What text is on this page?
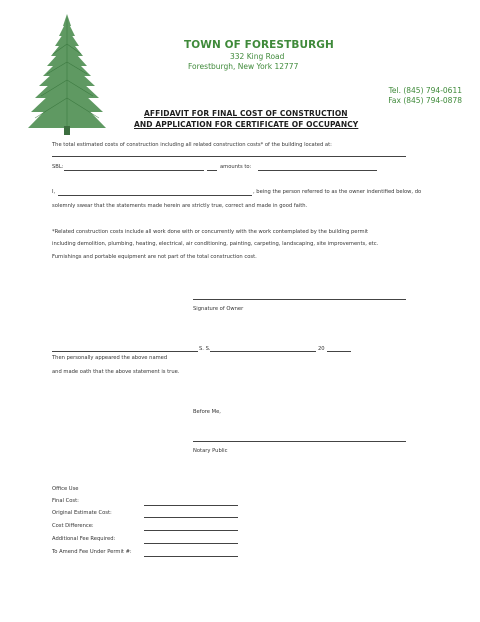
TOWN OF FORESTBURGH
332 King Road
Forestburgh, New York 12777
Tel. (845) 794-0611
Fax (845) 794-0878
AFFIDAVIT FOR FINAL COST OF CONSTRUCTION
AND APPLICATION FOR CERTIFICATE OF OCCUPANCY
The total estimated costs of construction including all related construction costs* of the building located at:
SBL:	amounts to:
I,	, being the person referred to as the owner indentified below, do
solemnly swear that the statements made herein are strictly true, correct and made in good faith.
*Related construction costs include all work done with or concurrently with the work contemplated by the building permit
including demolition, plumbing, heating, electrical, air conditioning, painting, carpeting, landscaping, site improvements, etc.
Furnishings and portable equipment are not part of the total construction cost.
Signature of Owner
S. S.	20
Then personally appeared the above named
and made oath that the above statement is true.
Before Me,
Notary Public
Office Use
Final Cost:
Original Estimate Cost:
Cost Difference:
Additional Fee Required:
To Amend Fee Under Permit #:
